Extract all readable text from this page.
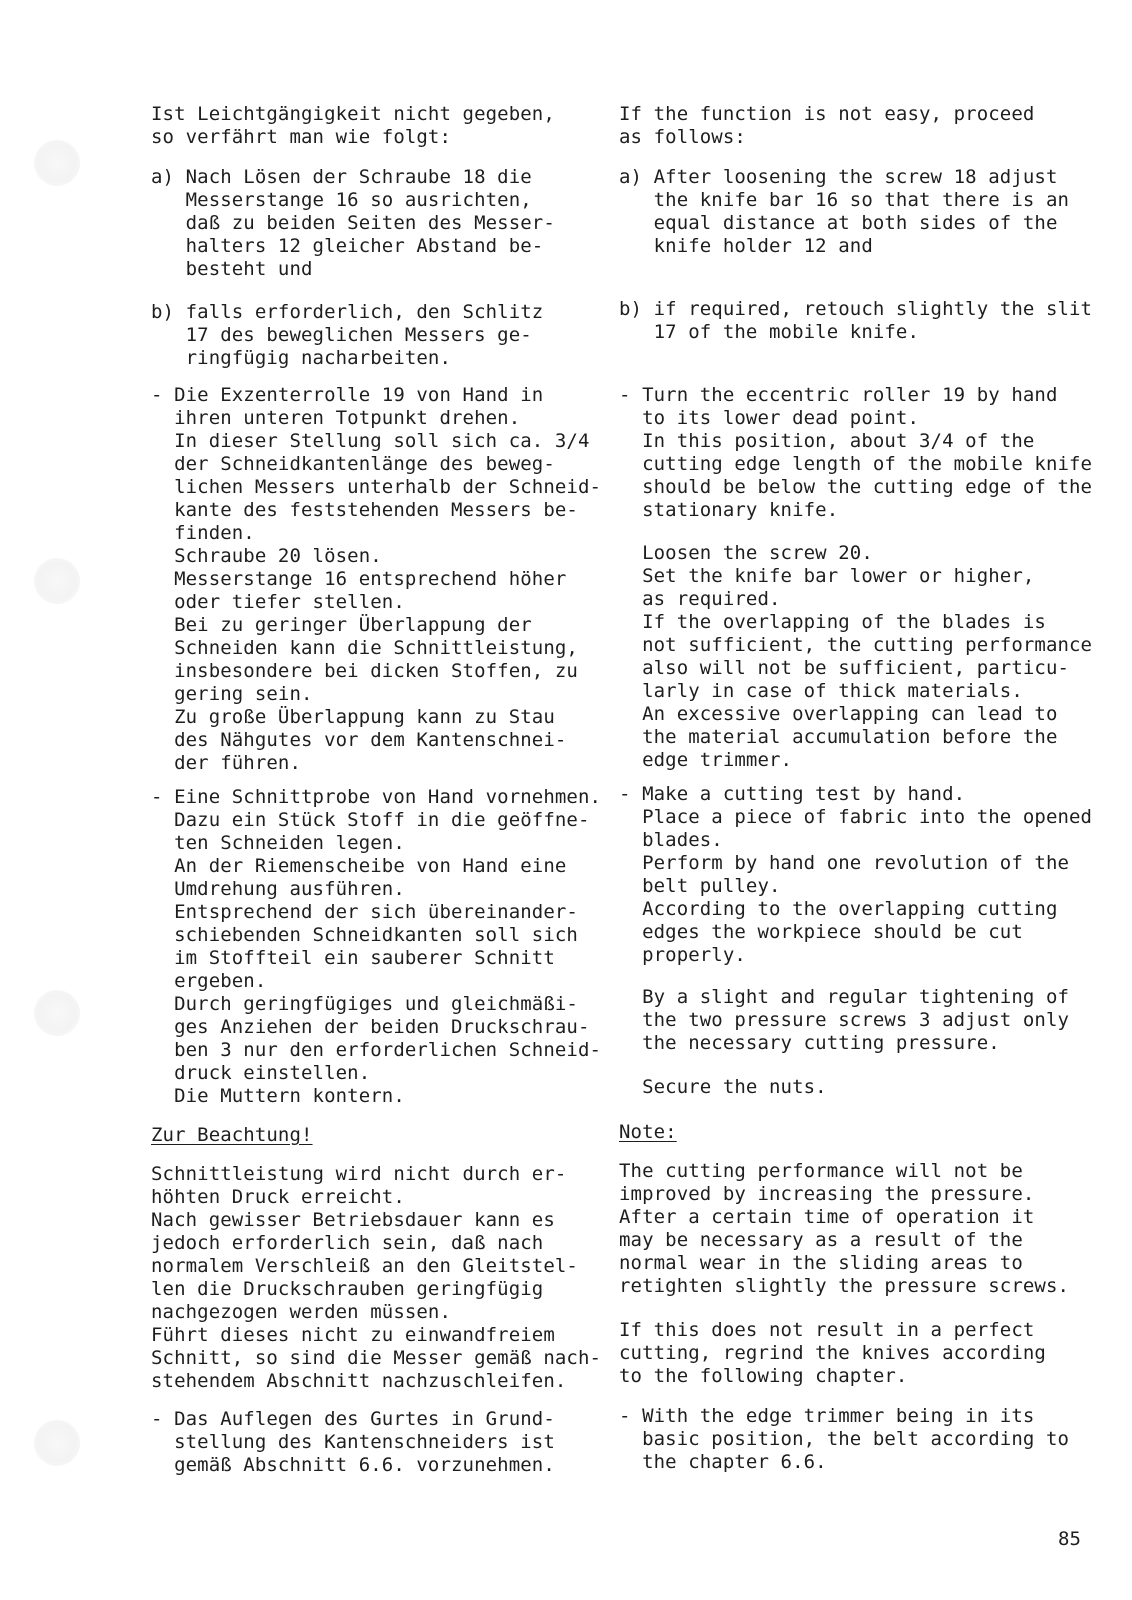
Ist Leichtgängigkeit nicht gegeben,
so verfährt man wie folgt:
a) Nach Lösen der Schraube 18 die
Messerstange 16 so ausrichten,
daß zu beiden Seiten des Messer-
halters 12 gleicher Abstand be-
besteht und
b) falls erforderlich, den Schlitz
17 des beweglichen Messers ge-
ringfügig nacharbeiten.
- Die Exzenterrolle 19 von Hand in
ihren unteren Totpunkt drehen.
In dieser Stellung soll sich ca. 3/4
der Schneidkantenlänge des beweg-
lichen Messers unterhalb der Schneid-
kante des feststehenden Messers be-
finden.
Schraube 20 lösen.
Messerstange 16 entsprechend höher
oder tiefer stellen.
Bei zu geringer Überlappung der
Schneiden kann die Schnittleistung,
insbesondere bei dicken Stoffen, zu
gering sein.
Zu große Überlappung kann zu Stau
des Nähgutes vor dem Kantenschnei-
der führen.
- Eine Schnittprobe von Hand vornehmen.
Dazu ein Stück Stoff in die geöffne-
ten Schneiden legen.
An der Riemenscheibe von Hand eine
Umdrehung ausführen.
Entsprechend der sich übereinander-
schiebenden Schneidkanten soll sich
im Stoffteil ein sauberer Schnitt
ergeben.
Durch geringfügiges und gleichmäßi-
ges Anziehen der beiden Druckschrau-
ben 3 nur den erforderlichen Schneid-
druck einstellen.
Die Muttern kontern.
Zur Beachtung!
Schnittleistung wird nicht durch er-
höhten Druck erreicht.
Nach gewisser Betriebsdauer kann es
jedoch erforderlich sein, daß nach
normalem Verschleiß an den Gleitstel-
len die Druckschrauben geringfügig
nachgezogen werden müssen.
Führt dieses nicht zu einwandfreiem
Schnitt, so sind die Messer gemäß nach-
stehendem Abschnitt nachzuschleifen.
- Das Auflegen des Gurtes in Grund-
stellung des Kantenschneiders ist
gemäß Abschnitt 6.6. vorzunehmen.
If the function is not easy, proceed
as follows:
a) After loosening the screw 18 adjust
the knife bar 16 so that there is an
equal distance at both sides of the
knife holder 12 and
b) if required, retouch slightly the slit
17 of the mobile knife.
- Turn the eccentric roller 19 by hand
to its lower dead point.
In this position, about 3/4 of the
cutting edge length of the mobile knife
should be below the cutting edge of the
stationary knife.
Loosen the screw 20.
Set the knife bar lower or higher,
as required.
If the overlapping of the blades is
not sufficient, the cutting performance
also will not be sufficient, particu-
larly in case of thick materials.
An excessive overlapping can lead to
the material accumulation before the
edge trimmer.
- Make a cutting test by hand.
Place a piece of fabric into the opened
blades.
Perform by hand one revolution of the
belt pulley.
According to the overlapping cutting
edges the workpiece should be cut
properly.
By a slight and regular tightening of
the two pressure screws 3 adjust only
the necessary cutting pressure.
Secure the nuts.
Note:
The cutting performance will not be
improved by increasing the pressure.
After a certain time of operation it
may be necessary as a result of the
normal wear in the sliding areas to
retighten slightly the pressure screws.
If this does not result in a perfect
cutting, regrind the knives according
to the following chapter.
- With the edge trimmer being in its
basic position, the belt according to
the chapter 6.6.
85
